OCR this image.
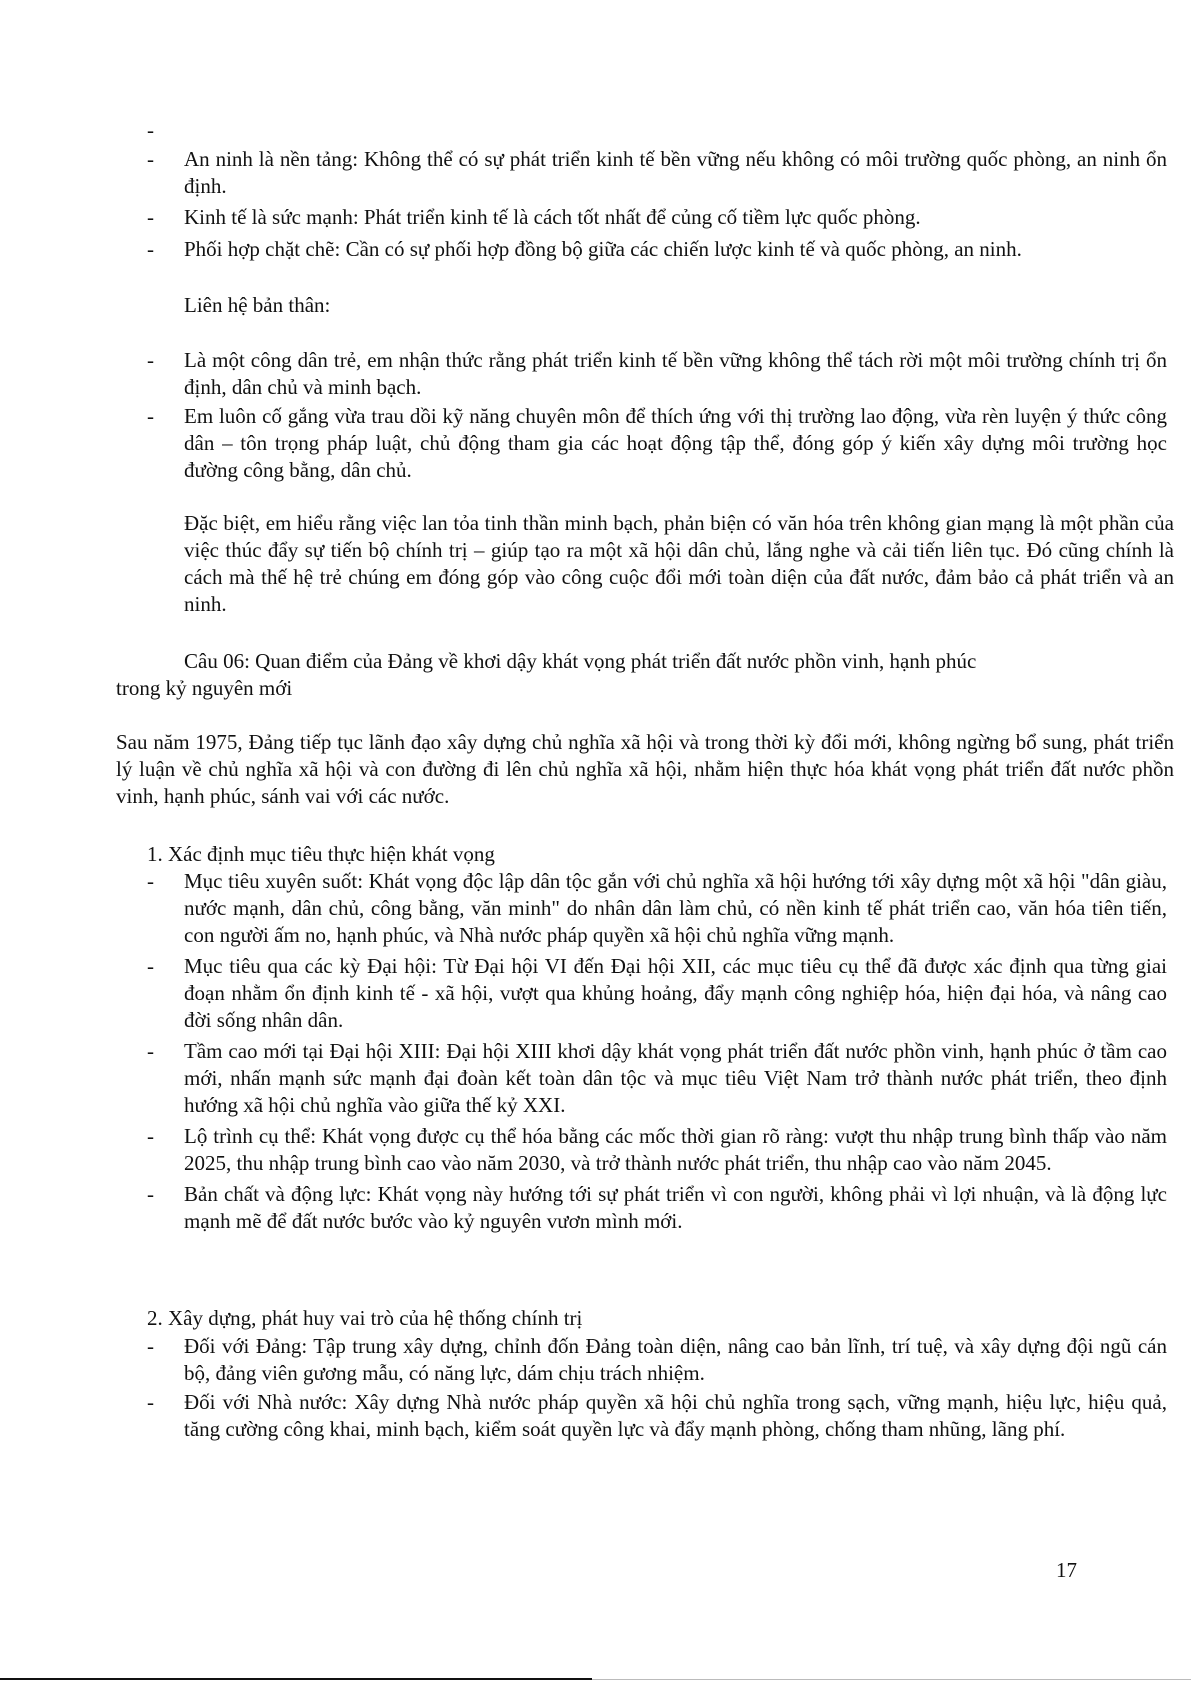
-
-	An ninh là nền tảng: Không thể có sự phát triển kinh tế bền vững nếu không có môi trường quốc phòng, an ninh ổn định.
-	Kinh tế là sức mạnh: Phát triển kinh tế là cách tốt nhất để củng cố tiềm lực quốc phòng.
-	Phối hợp chặt chẽ: Cần có sự phối hợp đồng bộ giữa các chiến lược kinh tế và quốc phòng, an ninh.
Liên hệ bản thân:
-	Là một công dân trẻ, em nhận thức rằng phát triển kinh tế bền vững không thể tách rời một môi trường chính trị ổn định, dân chủ và minh bạch.
-	Em luôn cố gắng vừa trau dồi kỹ năng chuyên môn để thích ứng với thị trường lao động, vừa rèn luyện ý thức công dân – tôn trọng pháp luật, chủ động tham gia các hoạt động tập thể, đóng góp ý kiến xây dựng môi trường học đường công bằng, dân chủ.
Đặc biệt, em hiểu rằng việc lan tỏa tinh thần minh bạch, phản biện có văn hóa trên không gian mạng là một phần của việc thúc đẩy sự tiến bộ chính trị – giúp tạo ra một xã hội dân chủ, lắng nghe và cải tiến liên tục. Đó cũng chính là cách mà thế hệ trẻ chúng em đóng góp vào công cuộc đổi mới toàn diện của đất nước, đảm bảo cả phát triển và an ninh.
Câu 06: Quan điểm của Đảng về khơi dậy khát vọng phát triển đất nước phồn vinh, hạnh phúc
trong kỷ nguyên mới
Sau năm 1975, Đảng tiếp tục lãnh đạo xây dựng chủ nghĩa xã hội và trong thời kỳ đổi mới, không ngừng bổ sung, phát triển lý luận về chủ nghĩa xã hội và con đường đi lên chủ nghĩa xã hội, nhằm hiện thực hóa khát vọng phát triển đất nước phồn vinh, hạnh phúc, sánh vai với các nước.
1. Xác định mục tiêu thực hiện khát vọng
-	Mục tiêu xuyên suốt: Khát vọng độc lập dân tộc gắn với chủ nghĩa xã hội hướng tới xây dựng một xã hội "dân giàu, nước mạnh, dân chủ, công bằng, văn minh" do nhân dân làm chủ, có nền kinh tế phát triển cao, văn hóa tiên tiến, con người ấm no, hạnh phúc, và Nhà nước pháp quyền xã hội chủ nghĩa vững mạnh.
-	Mục tiêu qua các kỳ Đại hội: Từ Đại hội VI đến Đại hội XII, các mục tiêu cụ thể đã được xác định qua từng giai đoạn nhằm ổn định kinh tế - xã hội, vượt qua khủng hoảng, đẩy mạnh công nghiệp hóa, hiện đại hóa, và nâng cao đời sống nhân dân.
-	Tầm cao mới tại Đại hội XIII: Đại hội XIII khơi dậy khát vọng phát triển đất nước phồn vinh, hạnh phúc ở tầm cao mới, nhấn mạnh sức mạnh đại đoàn kết toàn dân tộc và mục tiêu Việt Nam trở thành nước phát triển, theo định hướng xã hội chủ nghĩa vào giữa thế kỷ XXI.
-	Lộ trình cụ thể: Khát vọng được cụ thể hóa bằng các mốc thời gian rõ ràng: vượt thu nhập trung bình thấp vào năm 2025, thu nhập trung bình cao vào năm 2030, và trở thành nước phát triển, thu nhập cao vào năm 2045.
-	Bản chất và động lực: Khát vọng này hướng tới sự phát triển vì con người, không phải vì lợi nhuận, và là động lực mạnh mẽ để đất nước bước vào kỷ nguyên vươn mình mới.
2. Xây dựng, phát huy vai trò của hệ thống chính trị
-	Đối với Đảng: Tập trung xây dựng, chỉnh đốn Đảng toàn diện, nâng cao bản lĩnh, trí tuệ, và xây dựng đội ngũ cán bộ, đảng viên gương mẫu, có năng lực, dám chịu trách nhiệm.
-	Đối với Nhà nước: Xây dựng Nhà nước pháp quyền xã hội chủ nghĩa trong sạch, vững mạnh, hiệu lực, hiệu quả, tăng cường công khai, minh bạch, kiểm soát quyền lực và đẩy mạnh phòng, chống tham nhũng, lãng phí.
17
